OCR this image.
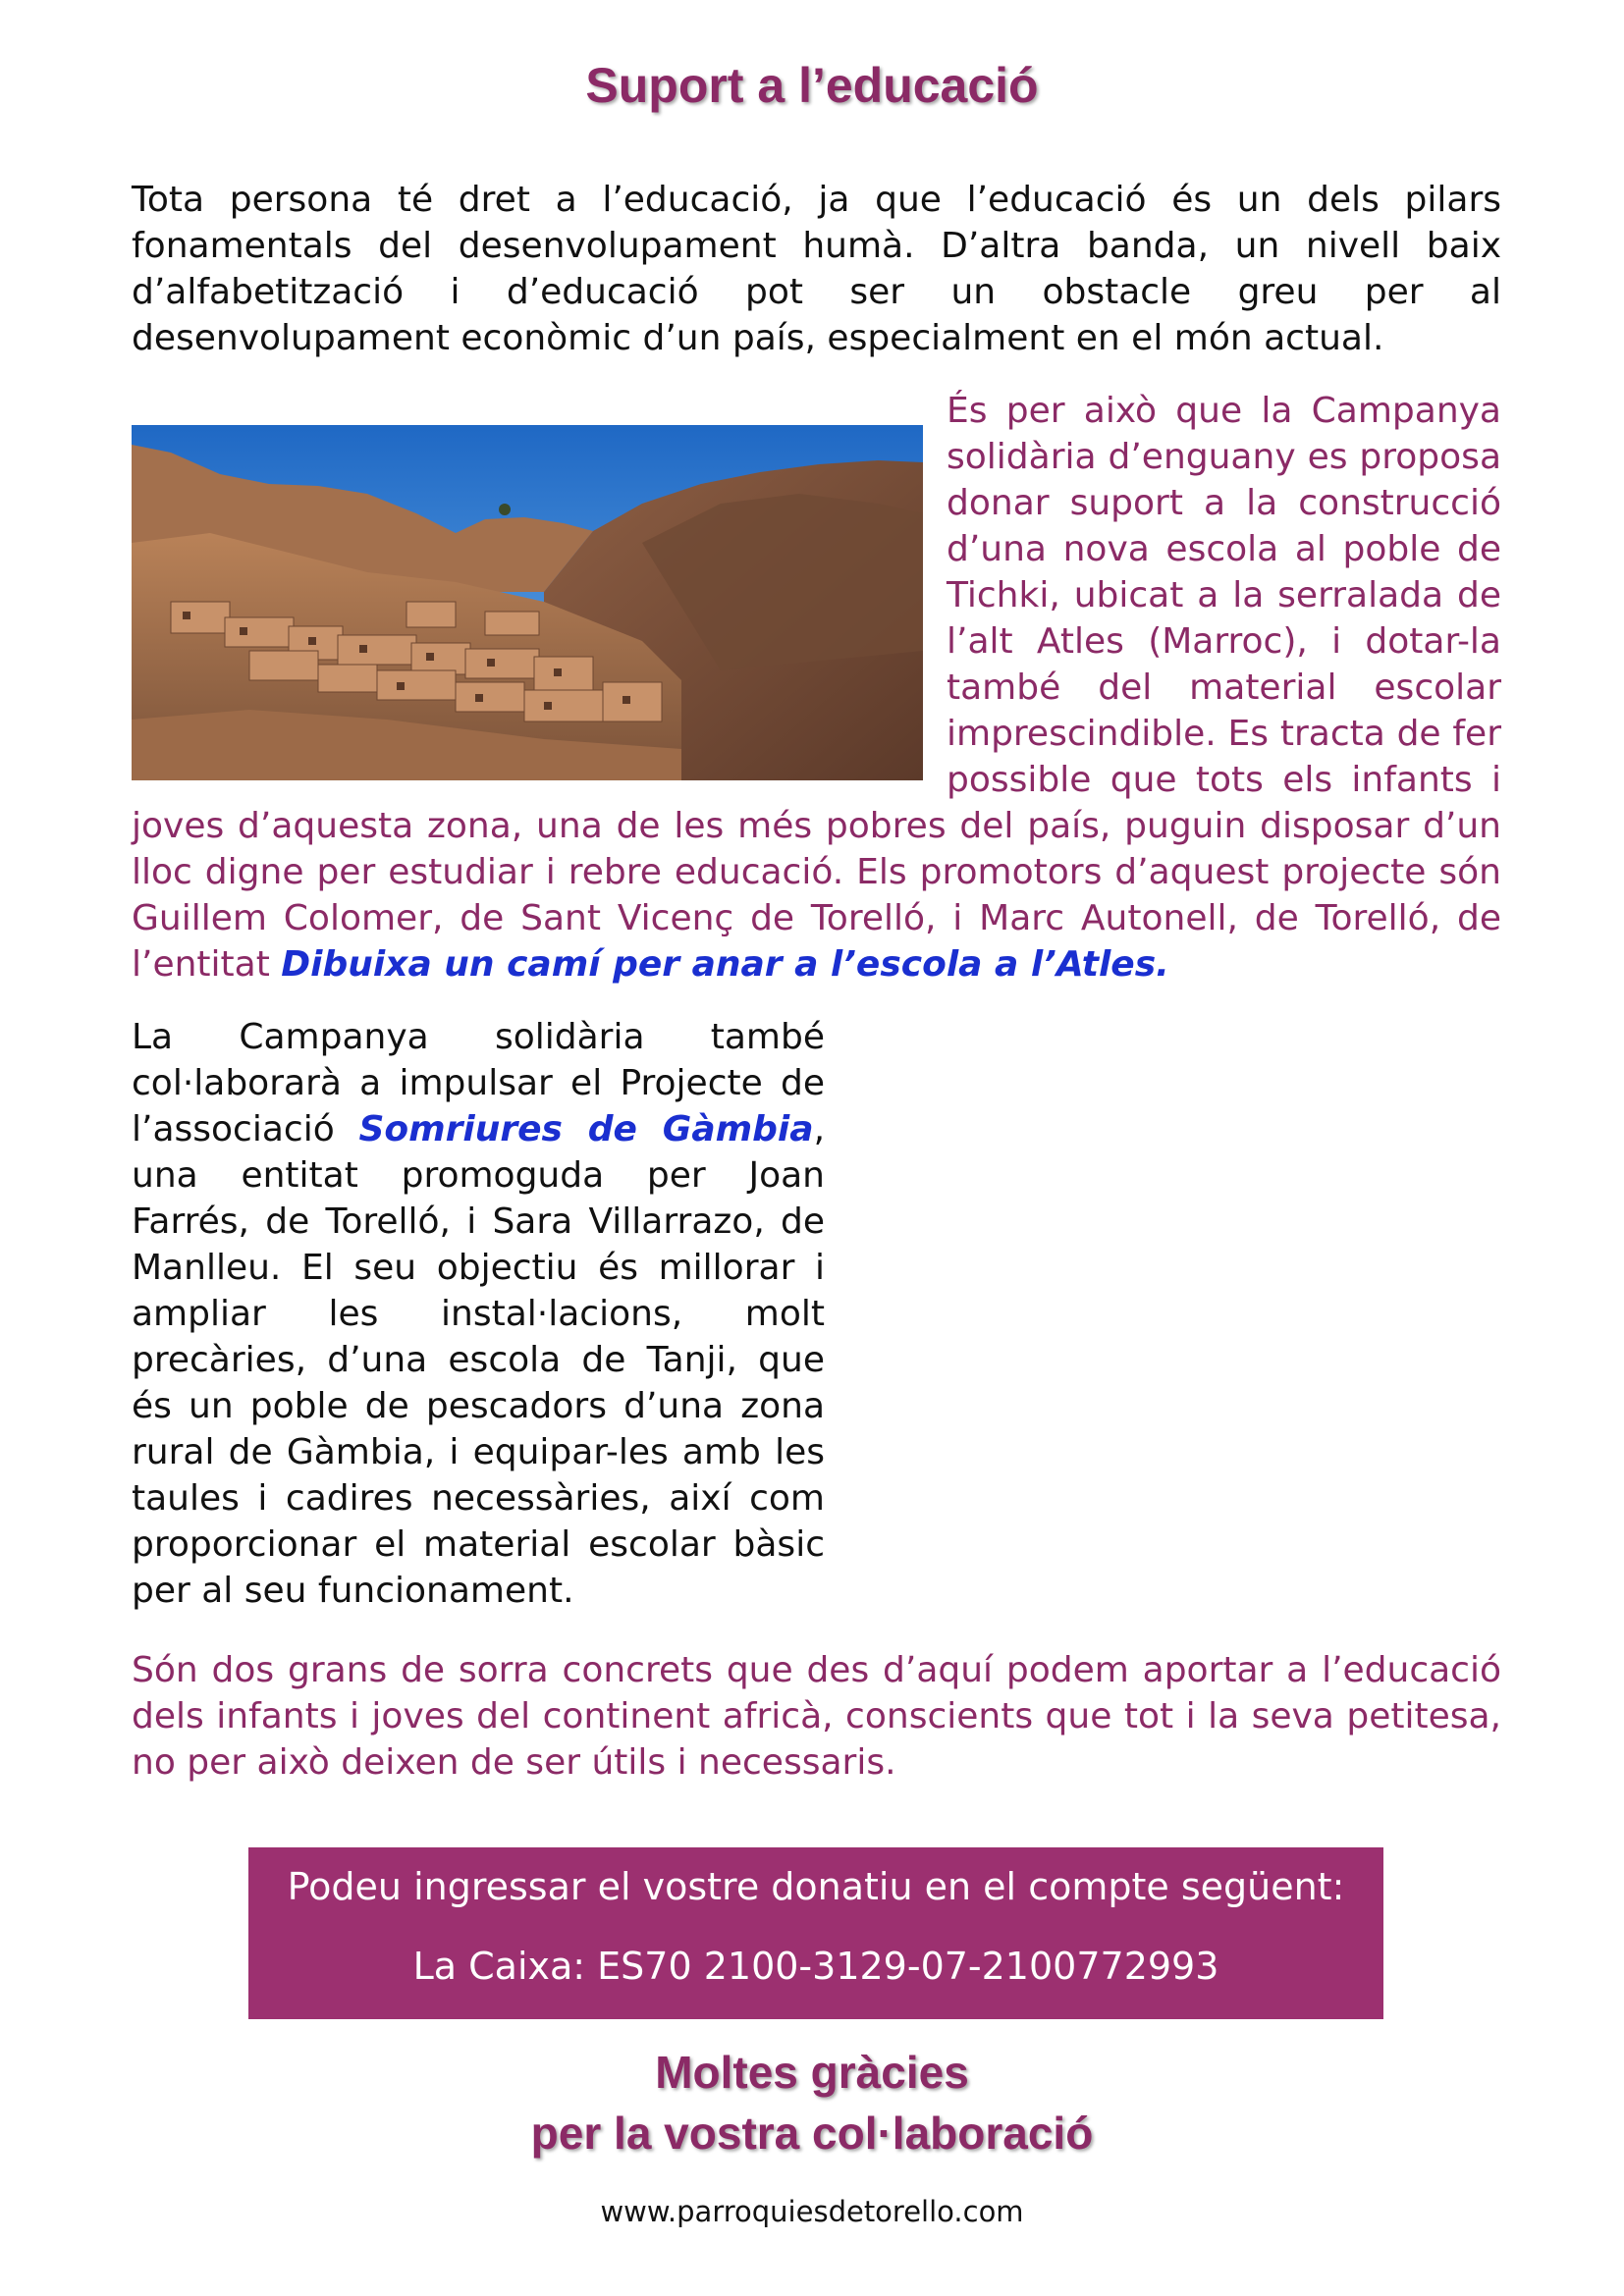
Suport a l’educació

Tota persona té dret a l’educació, ja que l’educació és un dels pilars fonamentals del desenvolupament humà. D’altra banda, un nivell baix d’alfabetització i d’educació pot ser un obstacle greu per al desenvolupament econòmic d’un país, especialment en el món actual.

És per això que la Campanya solidària d’enguany es proposa donar suport a la construcció d’una nova escola al poble de Tichki, ubicat a la serralada de l’alt Atles (Marroc), i dotar-la també del material escolar imprescindible. Es tracta de fer possible que tots els infants i joves d’aquesta zona, una de les més pobres del país, puguin disposar d’un lloc digne per estudiar i rebre educació. Els promotors d’aquest projecte són Guillem Colomer, de Sant Vicenç de Torelló, i Marc Autonell, de Torelló, de l’entitat Dibuixa un camí per anar a l’escola a l’Atles.

La Campanya solidària també col·laborarà a impulsar el Projecte de l’associació Somriures de Gàmbia, una entitat promoguda per Joan Farrés, de Torelló, i Sara Villarrazo, de Manlleu. El seu objectiu és millorar i ampliar les instal·lacions, molt precàries, d’una escola de Tanji, que és un poble de pescadors d’una zona rural de Gàmbia, i equipar-les amb les taules i cadires necessàries, així com proporcionar el material escolar bàsic per al seu funcionament.

Són dos grans de sorra concrets que des d’aquí podem aportar a l’educació dels infants i joves del continent africà, conscients que tot i la seva petitesa, no per això deixen de ser útils i necessaris.

Podeu ingressar el vostre donatiu en el compte següent:
La Caixa: ES70 2100-3129-07-2100772993
Moltes gràcies
per la vostra col·laboració
www.parroquiesdetorello.com
